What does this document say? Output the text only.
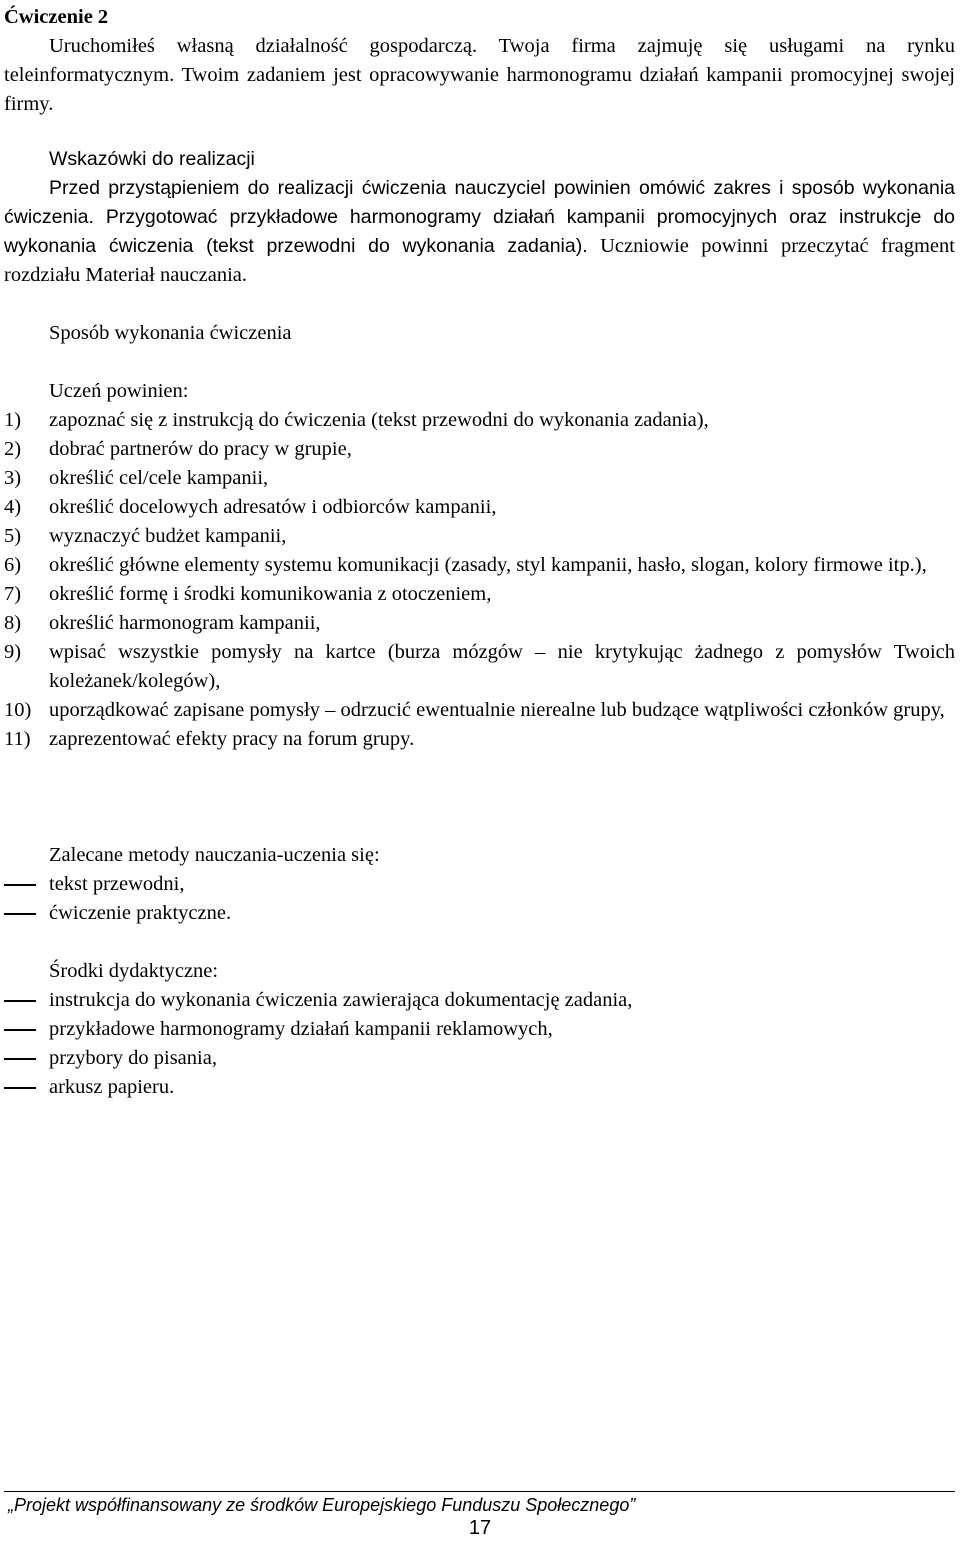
Ćwiczenie 2

Uruchomiłeś własną działalność gospodarczą. Twoja firma zajmuję się usługami na rynku teleinformatycznym. Twoim zadaniem jest opracowywanie harmonogramu działań kampanii promocyjnej swojej firmy.

Wskazówki do realizacji

Przed przystąpieniem do realizacji ćwiczenia nauczyciel powinien omówić zakres i sposób wykonania ćwiczenia. Przygotować przykładowe harmonogramy działań kampanii promocyjnych oraz instrukcje do wykonania ćwiczenia (tekst przewodni do wykonania zadania). Uczniowie powinni przeczytać fragment rozdziału Materiał nauczania.

Sposób wykonania ćwiczenia

Uczeń powinien:

1) zapoznać się z instrukcją do ćwiczenia (tekst przewodni do wykonania zadania),
2) dobrać partnerów do pracy w grupie,
3) określić cel/cele kampanii,
4) określić docelowych adresatów i odbiorców kampanii,
5) wyznaczyć budżet kampanii,
6) określić główne elementy systemu komunikacji (zasady, styl kampanii, hasło, slogan, kolory firmowe itp.),
7) określić formę i środki komunikowania z otoczeniem,
8) określić harmonogram kampanii,
9) wpisać wszystkie pomysły na kartce (burza mózgów – nie krytykując żadnego z pomysłów Twoich koleżanek/kolegów),
10) uporządkować zapisane pomysły – odrzucić ewentualnie nierealne lub budzące wątpliwości członków grupy,
11) zaprezentować efekty pracy na forum grupy.

Zalecane metody nauczania-uczenia się:

tekst przewodni,
ćwiczenie praktyczne.

Środki dydaktyczne:

instrukcja do wykonania ćwiczenia zawierająca dokumentację zadania,
przykładowe harmonogramy działań kampanii reklamowych,
przybory do pisania,
arkusz papieru.
„Projekt współfinansowany ze środków Europejskiego Funduszu Społecznego”
17
